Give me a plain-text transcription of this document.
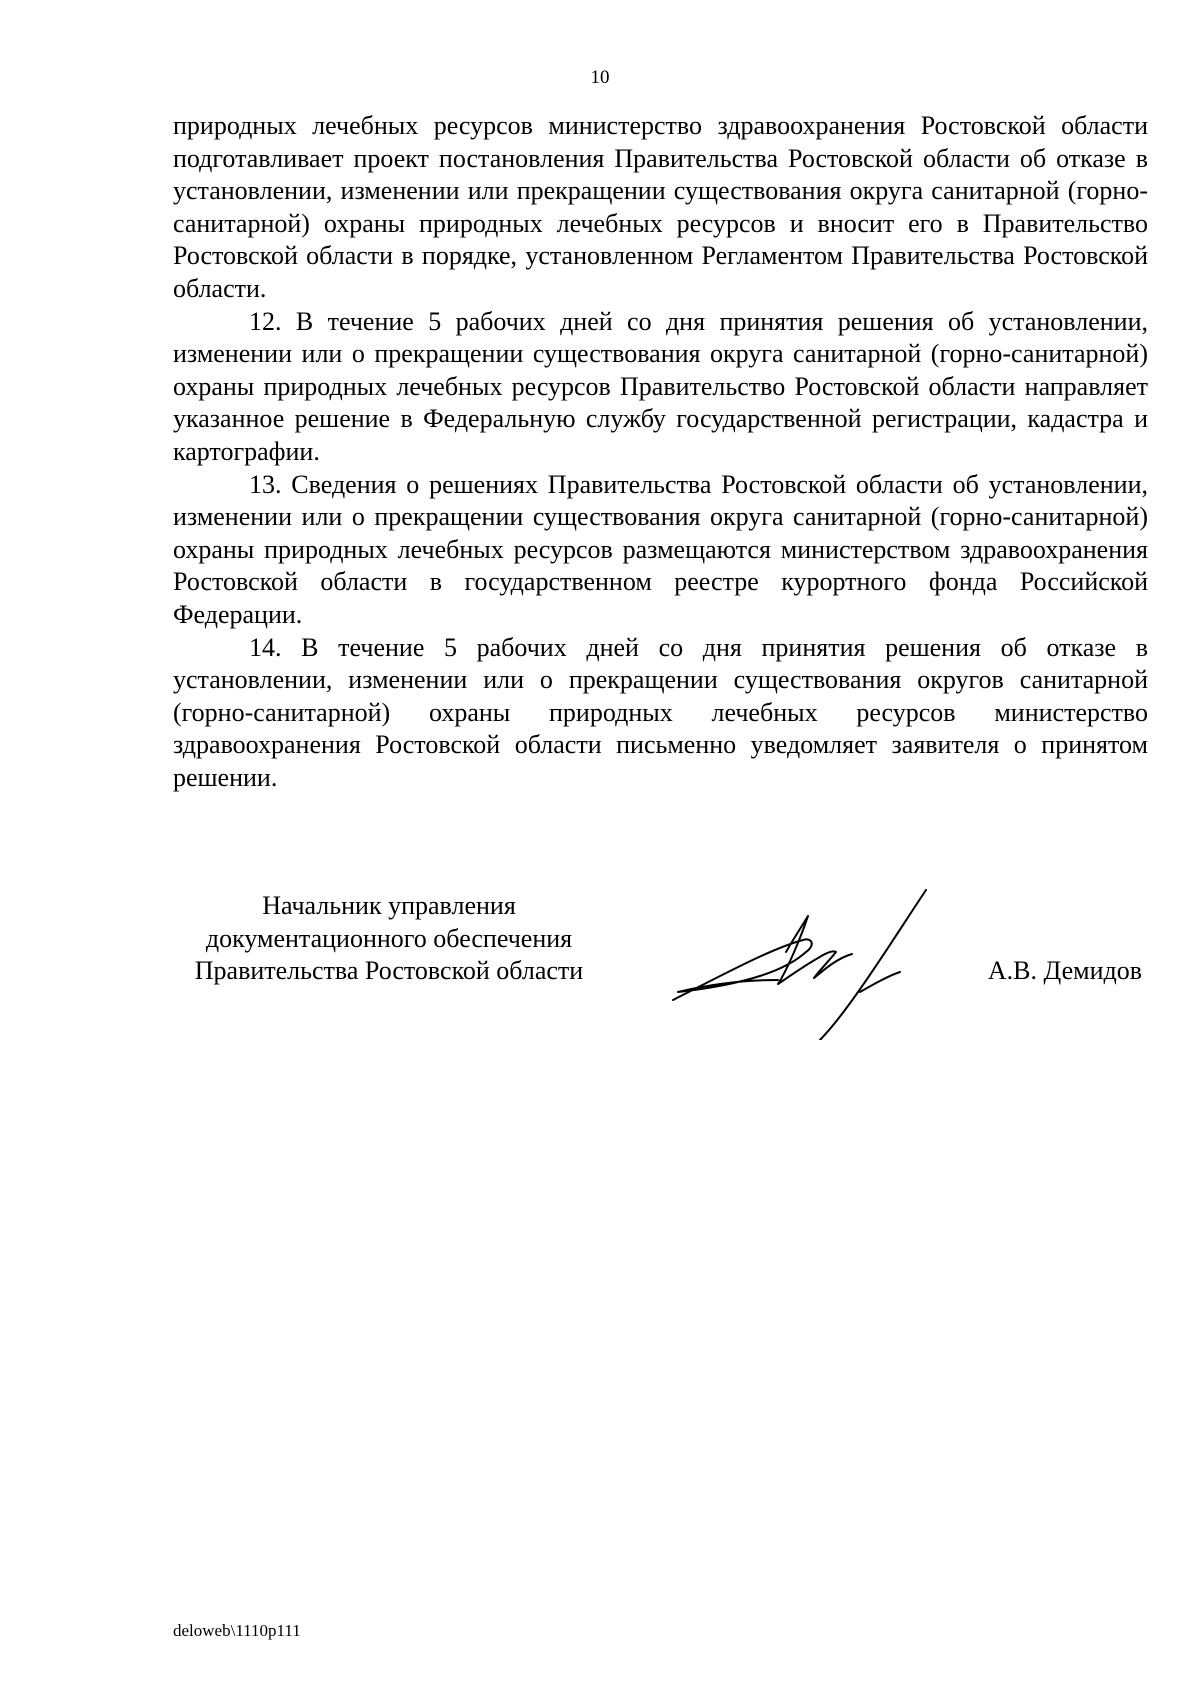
10

природных лечебных ресурсов министерство здравоохранения Ростовской области подготавливает проект постановления Правительства Ростовской области об отказе в установлении, изменении или прекращении существования округа санитарной (горно-санитарной) охраны природных лечебных ресурсов и вносит его в Правительство Ростовской области в порядке, установленном Регламентом Правительства Ростовской области.

12. В течение 5 рабочих дней со дня принятия решения об установлении, изменении или о прекращении существования округа санитарной (горно-санитарной) охраны природных лечебных ресурсов Правительство Ростовской области направляет указанное решение в Федеральную службу государственной регистрации, кадастра и картографии.

13. Сведения о решениях Правительства Ростовской области об установлении, изменении или о прекращении существования округа санитарной (горно-санитарной) охраны природных лечебных ресурсов размещаются министерством здравоохранения Ростовской области в государственном реестре курортного фонда Российской Федерации.

14. В течение 5 рабочих дней со дня принятия решения об отказе в установлении, изменении или о прекращении существования округов санитарной (горно-санитарной) охраны природных лечебных ресурсов министерство здравоохранения Ростовской области письменно уведомляет заявителя о принятом решении.

Начальник управления
документационного обеспечения
Правительства Ростовской области	А.В. Демидов
deloweb\1110p111
